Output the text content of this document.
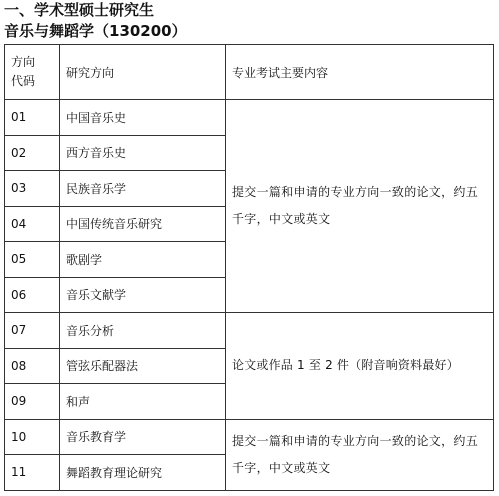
一、学术型硕士研究生
音乐与舞蹈学（130200）
方向
代码	研究方向	专业考试主要内容
01	中国音乐史	提交一篇和申请的专业方向一致的论文，约五千字，中文或英文
02	西方音乐史	
03	民族音乐学	
04	中国传统音乐研究	
05	歌剧学	
06	音乐文献学	
07	音乐分析	论文或作品 1 至 2 件（附音响资料最好）
08	管弦乐配器法	
09	和声	
10	音乐教育学	提交一篇和申请的专业方向一致的论文，约五千字，中文或英文
11	舞蹈教育理论研究	
